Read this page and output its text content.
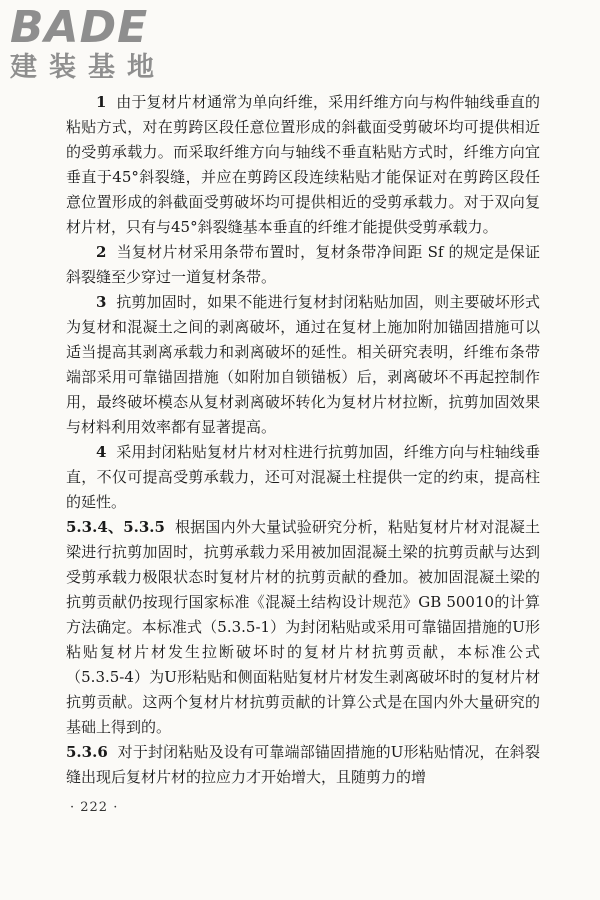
BADE
建装基地

1 由于复材片材通常为单向纤维，采用纤维方向与构件轴线垂直的粘贴方式，对在剪跨区段任意位置形成的斜截面受剪破坏均可提供相近的受剪承载力。而采取纤维方向与轴线不垂直粘贴方式时，纤维方向宜垂直于45°斜裂缝，并应在剪跨区段连续粘贴才能保证对在剪跨区段任意位置形成的斜截面受剪破坏均可提供相近的受剪承载力。对于双向复材片材，只有与45°斜裂缝基本垂直的纤维才能提供受剪承载力。

2 当复材片材采用条带布置时，复材条带净间距 Sf 的规定是保证斜裂缝至少穿过一道复材条带。

3 抗剪加固时，如果不能进行复材封闭粘贴加固，则主要破坏形式为复材和混凝土之间的剥离破坏，通过在复材上施加附加锚固措施可以适当提高其剥离承载力和剥离破坏的延性。相关研究表明，纤维布条带端部采用可靠锚固措施（如附加自锁锚板）后，剥离破坏不再起控制作用，最终破坏模态从复材剥离破坏转化为复材片材拉断，抗剪加固效果与材料利用效率都有显著提高。

4 采用封闭粘贴复材片材对柱进行抗剪加固，纤维方向与柱轴线垂直，不仅可提高受剪承载力，还可对混凝土柱提供一定的约束，提高柱的延性。

5.3.4、5.3.5 根据国内外大量试验研究分析，粘贴复材片材对混凝土梁进行抗剪加固时，抗剪承载力采用被加固混凝土梁的抗剪贡献与达到受剪承载力极限状态时复材片材的抗剪贡献的叠加。被加固混凝土梁的抗剪贡献仍按现行国家标准《混凝土结构设计规范》GB 50010的计算方法确定。本标准式（5.3.5-1）为封闭粘贴或采用可靠锚固措施的U形粘贴复材片材发生拉断破坏时的复材片材抗剪贡献，本标准公式（5.3.5-4）为U形粘贴和侧面粘贴复材片材发生剥离破坏时的复材片材抗剪贡献。这两个复材片材抗剪贡献的计算公式是在国内外大量研究的基础上得到的。

5.3.6 对于封闭粘贴及设有可靠端部锚固措施的U形粘贴情况，在斜裂缝出现后复材片材的拉应力才开始增大，且随剪力的增

· 222 ·
